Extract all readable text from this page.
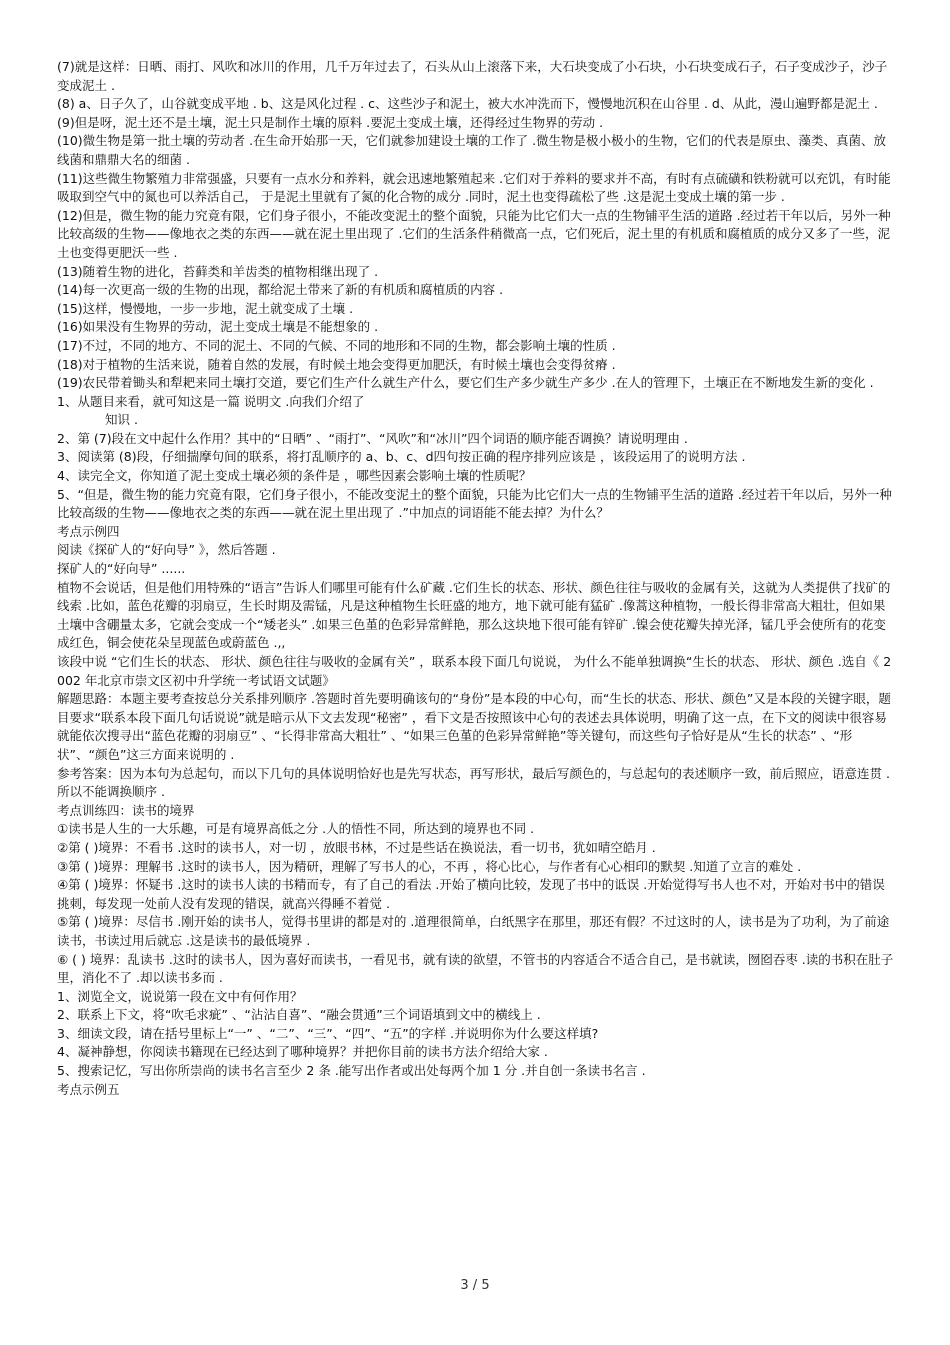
(7)就是这样：日晒、雨打、风吹和冰川的作用，几千万年过去了，石头从山上滚落下来，大石块变成了小石块，小石块变成石子，石子变成沙子，沙子变成泥土 .

(8) a、日子久了，山谷就变成平地 . b、这是风化过程 . c、这些沙子和泥土，被大水冲洗而下，慢慢地沉积在山谷里 . d、从此，漫山遍野都是泥土 .

(9)但是呀，泥土还不是土壤，泥土只是制作土壤的原料 .要泥土变成土壤，还得经过生物界的劳动 .

(10)微生物是第一批土壤的劳动者 .在生命开始那一天，它们就参加建设土壤的工作了 .微生物是极小极小的生物，它们的代表是原虫、藻类、真菌、放线菌和鼎鼎大名的细菌 .

(11)这些微生物繁殖力非常强盛，只要有一点水分和养料，就会迅速地繁殖起来 .它们对于养料的要求并不高，有时有点硫磺和铁粉就可以充饥，有时能吸取到空气中的氮也可以养活自己， 于是泥土里就有了氮的化合物的成分 .同时，泥土也变得疏松了些 .这是泥土变成土壤的第一步 .

(12)但是，微生物的能力究竟有限，它们身子很小，不能改变泥土的整个面貌，只能为比它们大一点的生物铺平生活的道路 .经过若干年以后，另外一种比较高级的生物——像地衣之类的东西——就在泥土里出现了 .它们的生活条件稍微高一点，它们死后，泥土里的有机质和腐植质的成分又多了一些，泥土也变得更肥沃一些 .

(13)随着生物的进化，苔藓类和羊齿类的植物相继出现了 .

(14)每一次更高一级的生物的出现，都给泥土带来了新的有机质和腐植质的内容 .

(15)这样，慢慢地，一步一步地，泥土就变成了土壤 .

(16)如果没有生物界的劳动，泥土变成土壤是不能想象的 .

(17)不过，不同的地方、不同的泥土、不同的气候、不同的地形和不同的生物，都会影响土壤的性质 .

(18)对于植物的生活来说，随着自然的发展，有时候土地会变得更加肥沃，有时候土壤也会变得贫瘠 .

(19)农民带着锄头和犁耙来同土壤打交道，要它们生产什么就生产什么，要它们生产多少就生产多少 .在人的管理下，土壤正在不断地发生新的变化 .

1、从题目来看，就可知这是一篇 说明文 .向我们介绍了

知识 .

2、第 (7)段在文中起什么作用？其中的“日晒” 、“雨打”、“风吹”和“冰川”四个词语的顺序能否调换？请说明理由 .

3、阅读第 (8)段，仔细揣摩句间的联系，将打乱顺序的 a、b、c、d四句按正确的程序排列应该是 ，该段运用了的说明方法 .

4、读完全文，你知道了泥土变成土壤必须的条件是 ，哪些因素会影响土壤的性质呢？

5、“但是，微生物的能力究竟有限，它们身子很小，不能改变泥土的整个面貌，只能为比它们大一点的生物铺平生活的道路 .经过若干年以后，另外一种比较高级的生物——像地衣之类的东西——就在泥土里出现了 .”中加点的词语能不能去掉？为什么？

考点示例四

阅读《探矿人的“好向导” 》，然后答题 .

探矿人的“好向导” ......

植物不会说话，但是他们用特殊的“语言”告诉人们哪里可能有什么矿藏 .它们生长的状态、形状、颜色往往与吸收的金属有关，这就为人类提供了找矿的线索 .比如，蓝色花瓣的羽扇豆，生长时期及需锰，凡是这种植物生长旺盛的地方，地下就可能有猛矿 .像蒿这种植物，一般长得非常高大粗壮，但如果土壤中含硼量太多，它就会变成一个“矮老头” .如果三色堇的色彩异常鲜艳，那么这块地下很可能有锌矿 .镍会使花瓣失掉光泽，锰几乎会使所有的花变成红色，铜会使花朵呈现蓝色或蔚蓝色 .,,

该段中说 “它们生长的状态、 形状、颜色往往与吸收的金属有关” ，联系本段下面几句说说， 为什么不能单独调换“生长的状态、 形状、颜色 .选自《 2002 年北京市崇文区初中升学统一考试语文试题》

解题思路：本题主要考查按总分关系排列顺序 .答题时首先要明确该句的“身份”是本段的中心句，而“生长的状态、形状、颜色”又是本段的关键字眼，题目要求“联系本段下面几句话说说”就是暗示从下文去发现“秘密” ，看下文是否按照该中心句的表述去具体说明，明确了这一点，在下文的阅读中很容易就能依次搜寻出“蓝色花瓣的羽扇豆” 、“长得非常高大粗壮” 、“如果三色堇的色彩异常鲜艳”等关键句，而这些句子恰好是从“生长的状态” 、“形状”、“颜色”这三方面来说明的 .

参考答案：因为本句为总起句，而以下几句的具体说明恰好也是先写状态，再写形状，最后写颜色的，与总起句的表述顺序一致，前后照应，语意连贯 .所以不能调换顺序 .

考点训练四：读书的境界

①读书是人生的一大乐趣，可是有境界高低之分 .人的悟性不同，所达到的境界也不同 .

②第 ( )境界：不看书 .这时的读书人，对一切 ，放眼书林，不过是些话在换说法，看一切书，犹如晴空皓月 .

③第 ( )境界：理解书 .这时的读书人，因为精研，理解了写书人的心，不再 ，将心比心，与作者有心心相印的默契 .知道了立言的难处 .

④第 ( )境界：怀疑书 .这时的读书人读的书精而专，有了自己的看法 .开始了横向比较，发现了书中的诋误 .开始觉得写书人也不对，开始对书中的错误挑刺，每发现一处前人没有发现的错误，就高兴得睡不着觉 .

⑤第 ( )境界：尽信书 .刚开始的读书人，觉得书里讲的都是对的 .道理很简单，白纸黑字在那里，那还有假？不过这时的人，读书是为了功利，为了前途读书，书读过用后就忘 .这是读书的最低境界 .

⑥ ( ) 境界：乱读书 .这时的读书人，因为喜好而读书，一看见书，就有读的欲望，不管书的内容适合不适合自己，是书就读，囫囵吞枣 .读的书积在肚子里，消化不了 .却以读书多而 .

1、浏览全文，说说第一段在文中有何作用？

2、联系上下文，将“吹毛求疵” 、“沾沾自喜”、“融会贯通”三个词语填到文中的横线上 .

3、细读文段，请在括号里标上“一” 、“二”、“三”、“四”、“五”的字样 .并说明你为什么要这样填?

4、凝神静想，你阅读书籍现在已经达到了哪种境界？并把你目前的读书方法介绍给大家 .

5、搜索记忆，写出你所崇尚的读书名言至少 2 条 .能写出作者或出处每两个加 1 分 .并自创一条读书名言 .

考点示例五

3 / 5
